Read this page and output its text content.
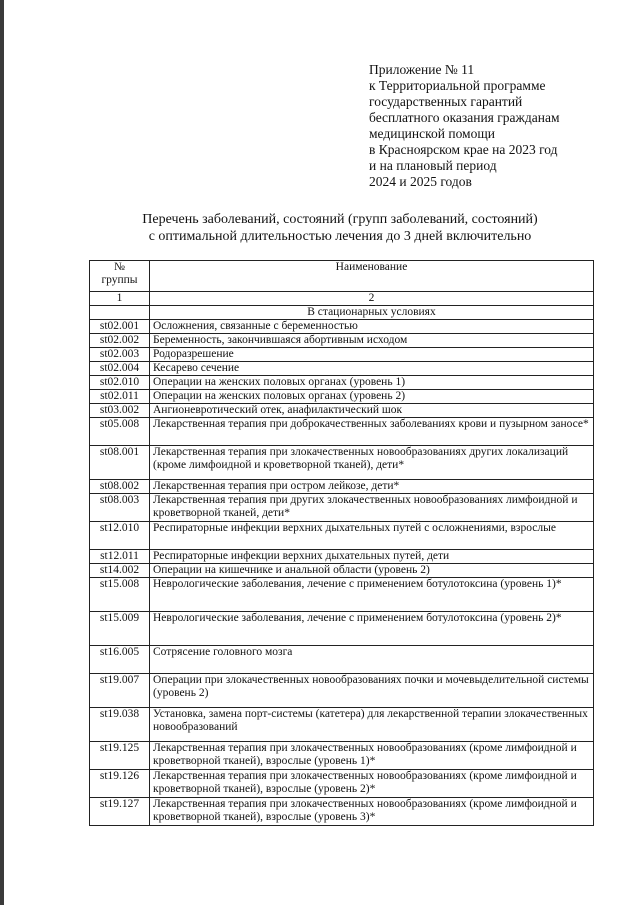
Приложение № 11
к Территориальной программе
государственных гарантий
бесплатного оказания гражданам
медицинской помощи
в Красноярском крае на 2023 год
и на плановый период
2024 и 2025 годов
Перечень заболеваний, состояний (групп заболеваний, состояний)
с оптимальной длительностью лечения до 3 дней включительно
№ группы	Наименование
1	2
	В стационарных условиях
st02.001	Осложнения, связанные с беременностью
st02.002	Беременность, закончившаяся абортивным исходом
st02.003	Родоразрешение
st02.004	Кесарево сечение
st02.010	Операции на женских половых органах (уровень 1)
st02.011	Операции на женских половых органах (уровень 2)
st03.002	Ангионевротический отек, анафилактический шок
st05.008	Лекарственная терапия при доброкачественных заболеваниях крови и пузырном заносе*
st08.001	Лекарственная терапия при злокачественных новообразованиях других локализаций (кроме лимфоидной и кроветворной тканей), дети*
st08.002	Лекарственная терапия при остром лейкозе, дети*
st08.003	Лекарственная терапия при других злокачественных новообразованиях лимфоидной и кроветворной тканей, дети*
st12.010	Респираторные инфекции верхних дыхательных путей с осложнениями, взрослые
st12.011	Респираторные инфекции верхних дыхательных путей, дети
st14.002	Операции на кишечнике и анальной области (уровень 2)
st15.008	Неврологические заболевания, лечение с применением ботулотоксина (уровень 1)*
st15.009	Неврологические заболевания, лечение с применением ботулотоксина (уровень 2)*
st16.005	Сотрясение головного мозга
st19.007	Операции при злокачественных новообразованиях почки и мочевыделительной системы (уровень 2)
st19.038	Установка, замена порт-системы (катетера) для лекарственной терапии злокачественных новообразований
st19.125	Лекарственная терапия при злокачественных новообразованиях (кроме лимфоидной и кроветворной тканей), взрослые (уровень 1)*
st19.126	Лекарственная терапия при злокачественных новообразованиях (кроме лимфоидной и кроветворной тканей), взрослые (уровень 2)*
st19.127	Лекарственная терапия при злокачественных новообразованиях (кроме лимфоидной и кроветворной тканей), взрослые (уровень 3)*
